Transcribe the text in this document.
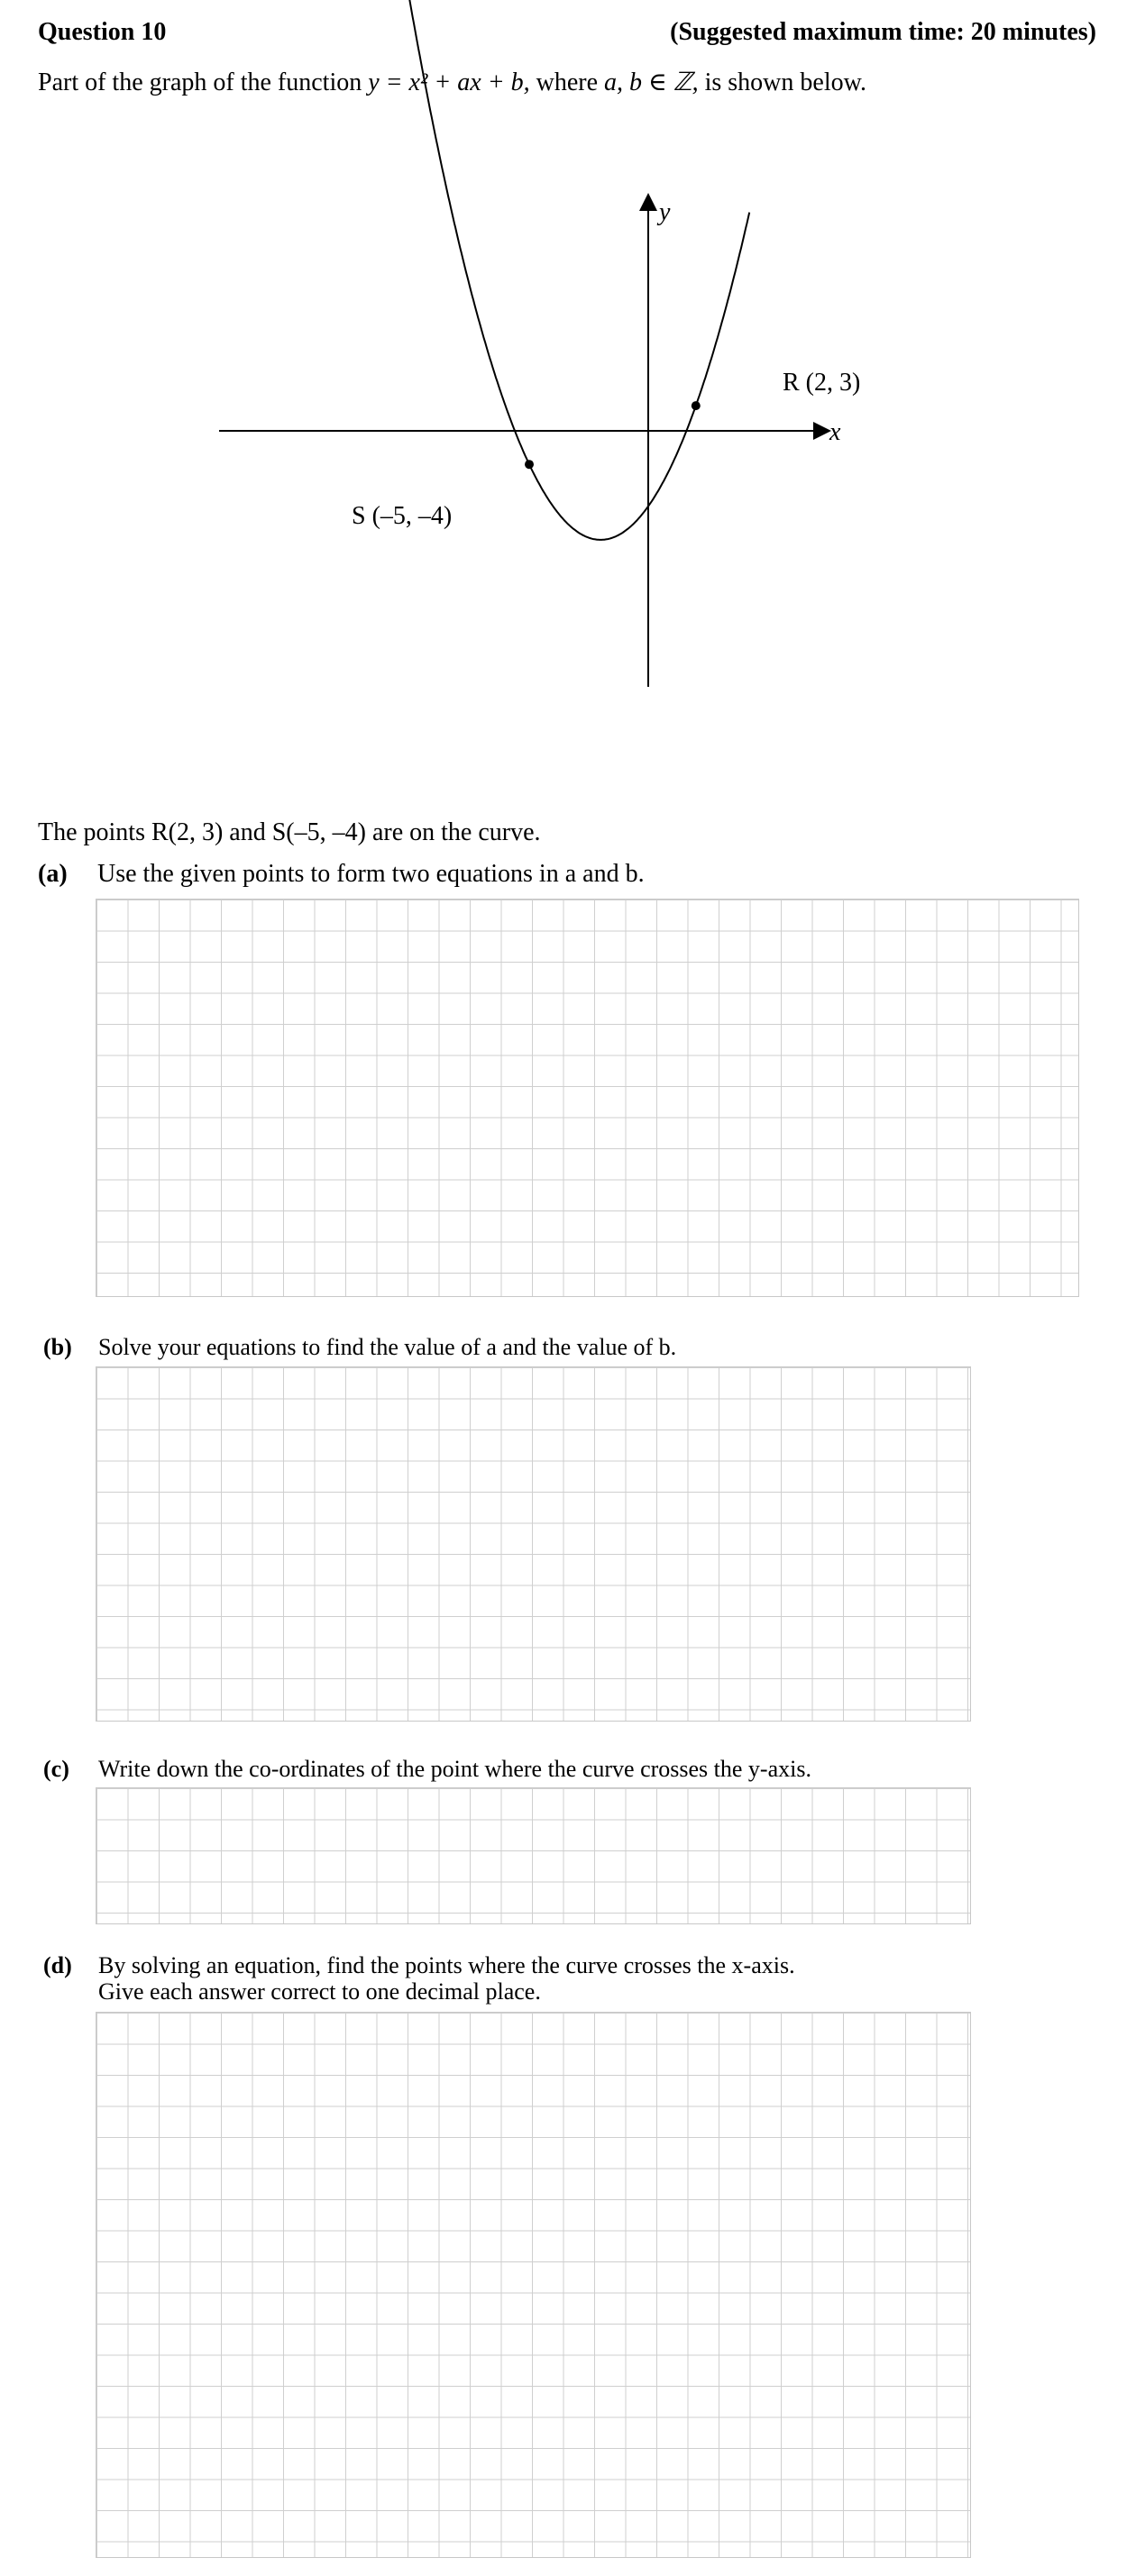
Question 10	(Suggested maximum time: 20 minutes)
Part of the graph of the function y = x² + ax + b, where a, b ∈ ℤ, is shown below.
y
x
R (2, 3)
S (–5, –4)
The points R(2, 3) and S(–5, –4) are on the curve.
(a) Use the given points to form two equations in a and b.
(b) Solve your equations to find the value of a and the value of b.
(c) Write down the co-ordinates of the point where the curve crosses the y-axis.
(d) By solving an equation, find the points where the curve crosses the x-axis.
Give each answer correct to one decimal place.
